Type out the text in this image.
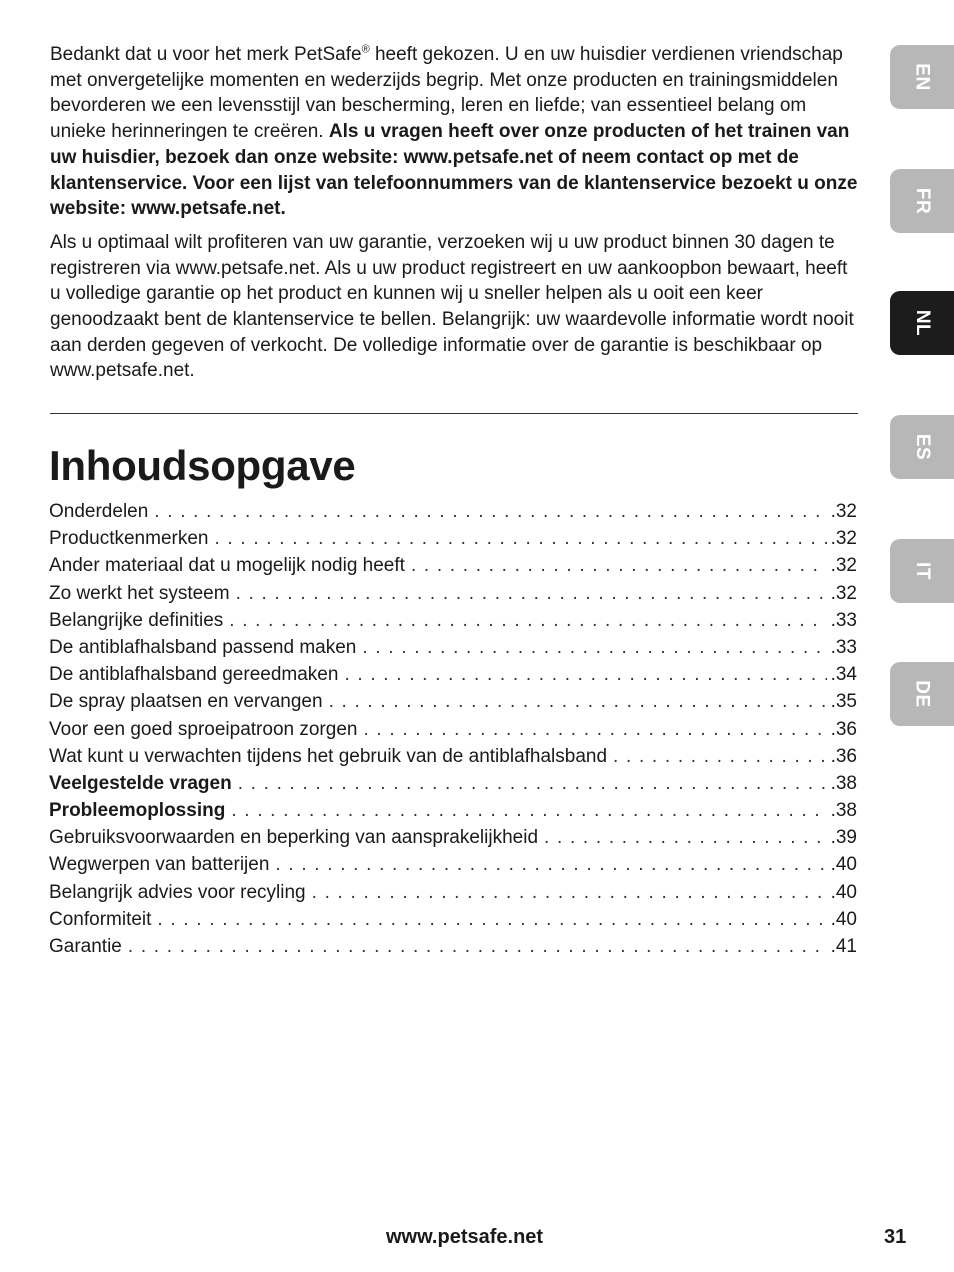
Bedankt dat u voor het merk PetSafe® heeft gekozen. U en uw huisdier verdienen vriendschap met onvergetelijke momenten en wederzijds begrip. Met onze producten en trainingsmiddelen bevorderen we een levensstijl van bescherming, leren en liefde; van essentieel belang om unieke herinneringen te creëren. Als u vragen heeft over onze producten of het trainen van uw huisdier, bezoek dan onze website: www.petsafe.net of neem contact op met de klantenservice. Voor een lijst van telefoonnummers van de klantenservice bezoekt u onze website: www.petsafe.net.

Als u optimaal wilt profiteren van uw garantie, verzoeken wij u uw product binnen 30 dagen te registreren via www.petsafe.net. Als u uw product registreert en uw aankoopbon bewaart, heeft u volledige garantie op het product en kunnen wij u sneller helpen als u ooit een keer genoodzaakt bent de klantenservice te bellen. Belangrijk: uw waardevolle informatie wordt nooit aan derden gegeven of verkocht. De volledige informatie over de garantie is beschikbaar op www.petsafe.net.

Inhoudsopgave
Onderdelen . . .	.32
Productkenmerken . . .	.32
Ander materiaal dat u mogelijk nodig heeft . . .	.32
Zo werkt het systeem . . .	.32
Belangrijke definities . . .	.33
De antiblafhalsband passend maken . . .	.33
De antiblafhalsband gereedmaken . . .	.34
De spray plaatsen en vervangen . . .	.35
Voor een goed sproeipatroon zorgen . . .	.36
Wat kunt u verwachten tijdens het gebruik van de antiblafhalsband . . .	.36
Veelgestelde vragen . . .	.38
Probleemoplossing . . .	.38
Gebruiksvoorwaarden en beperking van aansprakelijkheid . . .	.39
Wegwerpen van batterijen . . .	.40
Belangrijk advies voor recyling . . .	.40
Conformiteit . . .	.40
Garantie . . .	.41
EN
FR
NL
ES
IT
DE
www.petsafe.net	31
